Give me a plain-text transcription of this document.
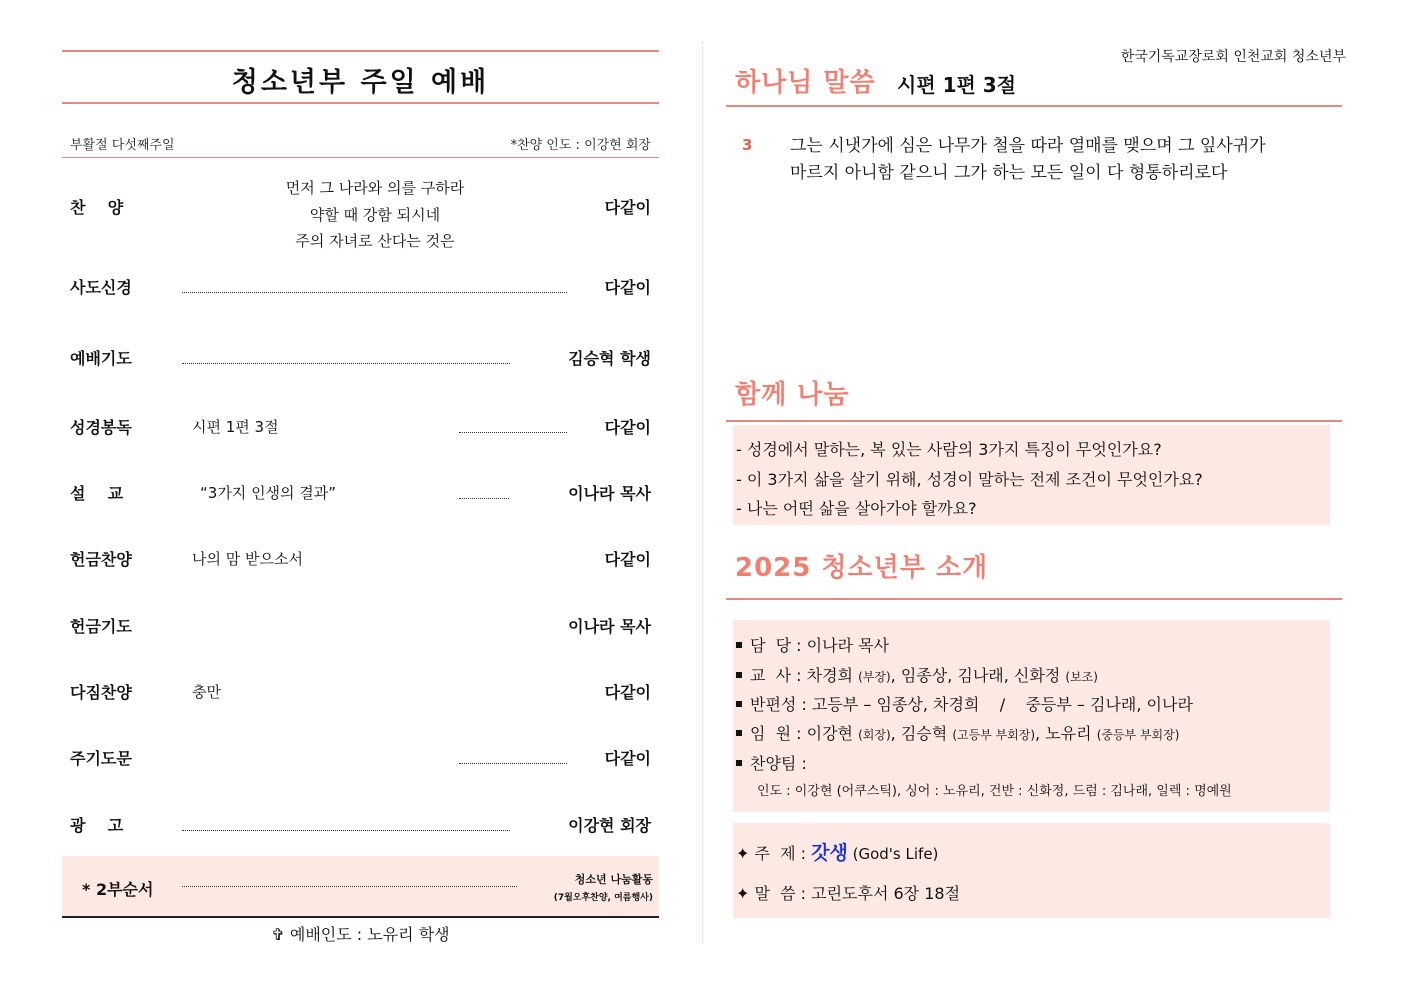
청소년부 주일 예배
부활절 다섯째주일	*찬양 인도 : 이강현 회장
찬    양	다같이
먼저 그 나라와 의를 구하라
약할 때 강함 되시네
주의 자녀로 산다는 것은
사도신경	다같이
예배기도	김승혁 학생
성경봉독	시편 1편 3절	다같이
설    교	“3가지 인생의 결과”	이나라 목사
헌금찬양	나의 맘 받으소서	다같이
헌금기도	이나라 목사
다짐찬양	충만	다같이
주기도문	다같이
광    고	이강현 회장
* 2부순서
청소년 나눔활동
(7월오후찬양, 여름행사)
✞ 예배인도 : 노유리 학생
한국기독교장로회 인천교회 청소년부
하나님 말씀 시편 1편 3절
3 그는 시냇가에 심은 나무가 철을 따라 열매를 맺으며 그 잎사귀가
마르지 아니함 같으니 그가 하는 모든 일이 다 형통하리로다
함께 나눔
- 성경에서 말하는, 복 있는 사람의 3가지 특징이 무엇인가요?
- 이 3가지 삶을 살기 위해, 성경이 말하는 전제 조건이 무엇인가요?
- 나는 어떤 삶을 살아가야 할까요?
2025 청소년부 소개
담  당 : 이나라 목사
교  사 : 차경희 (부장), 임종상, 김나래, 신화정 (보조)
반편성 : 고등부 – 임종상, 차경희    /    중등부 – 김나래, 이나라
임  원 : 이강현 (회장), 김승혁 (고등부 부회장), 노유리 (중등부 부회장)
찬양팀 :
인도 : 이강현 (어쿠스틱), 싱어 : 노유리, 건반 : 신화정, 드럼 : 김나래, 일렉 : 명예원
✦ 주  제 : 갓생 (God's Life)
✦ 말  씀 : 고린도후서 6장 18절
